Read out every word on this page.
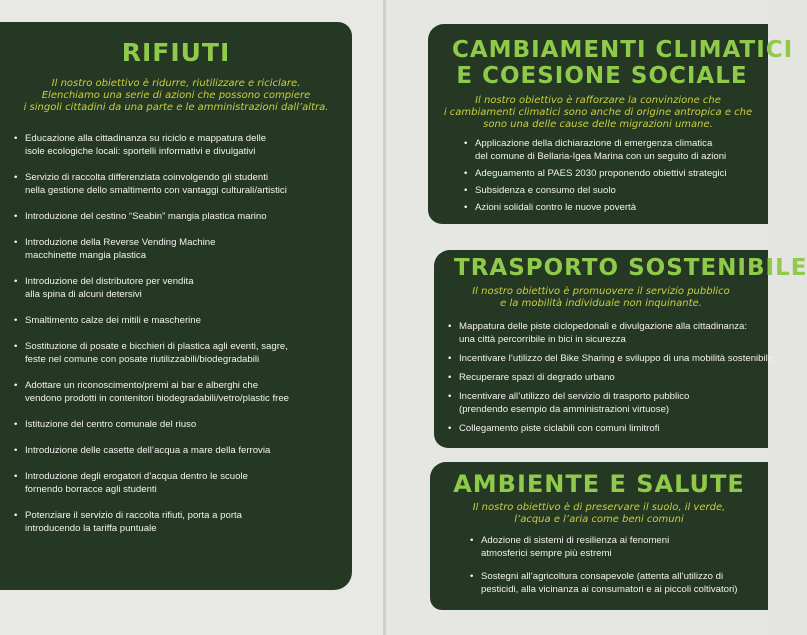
RIFIUTI

Il nostro obiettivo è ridurre, riutilizzare e riciclare.
Elenchiamo una serie di azioni che possono compiere
i singoli cittadini da una parte e le amministrazioni dall’altra.

• Educazione alla cittadinanza su riciclo e mappatura delle
isole ecologiche locali: sportelli informativi e divulgativi
• Servizio di raccolta differenziata coinvolgendo gli studenti
nella gestione dello smaltimento con vantaggi culturali/artistici
• Introduzione del cestino “Seabin” mangia plastica marino
• Introduzione della Reverse Vending Machine
macchinette mangia plastica
• Introduzione del distributore per vendita
alla spina di alcuni detersivi
• Smaltimento calze dei mitili e mascherine
• Sostituzione di posate e bicchieri di plastica agli eventi, sagre,
feste nel comune con posate riutilizzabili/biodegradabili
• Adottare un riconoscimento/premi ai bar e alberghi che
vendono prodotti in contenitori biodegradabili/vetro/plastic free
• Istituzione del centro comunale del riuso
• Introduzione delle casette dell’acqua a mare della ferrovia
• Introduzione degli erogatori d’acqua dentro le scuole
fornendo borracce agli studenti
• Potenziare il servizio di raccolta rifiuti, porta a porta
introducendo la tariffa puntuale
CAMBIAMENTI CLIMATICI
E COESIONE SOCIALE

Il nostro obiettivo è rafforzare la convinzione che
i cambiamenti climatici sono anche di origine antropica e che
sono una delle cause delle migrazioni umane.

• Applicazione della dichiarazione di emergenza climatica
del comune di Bellaria-Igea Marina con un seguito di azioni
• Adeguamento al PAES 2030 proponendo obiettivi strategici
• Subsidenza e consumo del suolo
• Azioni solidali contro le nuove povertà
TRASPORTO SOSTENIBILE

Il nostro obiettivo è promuovere il servizio pubblico
e la mobilità individuale non inquinante.

• Mappatura delle piste ciclopedonali e divulgazione alla cittadinanza:
una città percorribile in bici in sicurezza
• Incentivare l’utilizzo del Bike Sharing e sviluppo di una mobilità sostenibile
• Recuperare spazi di degrado urbano
• Incentivare all’utilizzo del servizio di trasporto pubblico
(prendendo esempio da amministrazioni virtuose)
• Collegamento piste ciclabili con comuni limitrofi
AMBIENTE E SALUTE

Il nostro obiettivo è di preservare il suolo, il verde,
l’acqua e l’aria come beni comuni

• Adozione di sistemi di resilienza ai fenomeni
atmosferici sempre più estremi
• Sostegni all’agricoltura consapevole (attenta all’utilizzo di
pesticidi, alla vicinanza ai consumatori e ai piccoli coltivatori)
